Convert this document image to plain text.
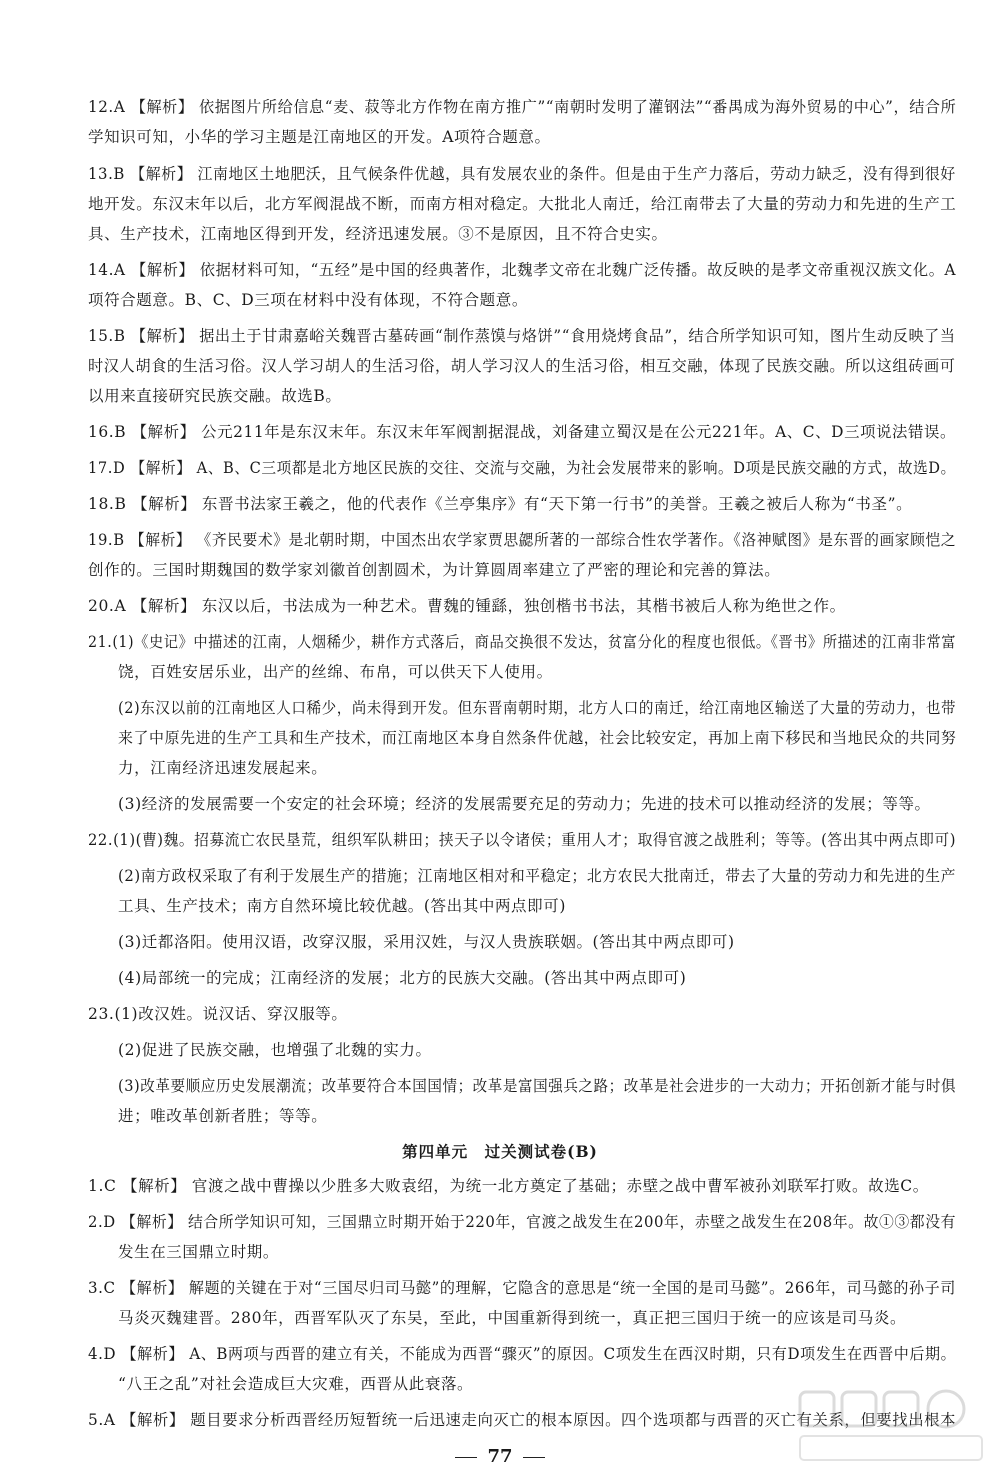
12.A 【解析】 依据图片所给信息“麦、菽等北方作物在南方推广”“南朝时发明了灌钢法”“番禺成为海外贸易的中心”，结合所
学知识可知，小华的学习主题是江南地区的开发。A项符合题意。
13.B 【解析】 江南地区土地肥沃，且气候条件优越，具有发展农业的条件。但是由于生产力落后，劳动力缺乏，没有得到很好
地开发。东汉末年以后，北方军阀混战不断，而南方相对稳定。大批北人南迁，给江南带去了大量的劳动力和先进的生产工
具、生产技术，江南地区得到开发，经济迅速发展。③不是原因，且不符合史实。
14.A 【解析】 依据材料可知，“五经”是中国的经典著作，北魏孝文帝在北魏广泛传播。故反映的是孝文帝重视汉族文化。A
项符合题意。B、C、D三项在材料中没有体现，不符合题意。
15.B 【解析】 据出土于甘肃嘉峪关魏晋古墓砖画“制作蒸馍与烙饼”“食用烧烤食品”，结合所学知识可知，图片生动反映了当
时汉人胡食的生活习俗。汉人学习胡人的生活习俗，胡人学习汉人的生活习俗，相互交融，体现了民族交融。所以这组砖画可
以用来直接研究民族交融。故选B。
16.B 【解析】 公元211年是东汉末年。东汉末年军阀割据混战，刘备建立蜀汉是在公元221年。A、C、D三项说法错误。
17.D 【解析】 A、B、C三项都是北方地区民族的交往、交流与交融，为社会发展带来的影响。D项是民族交融的方式，故选D。
18.B 【解析】 东晋书法家王羲之，他的代表作《兰亭集序》有“天下第一行书”的美誉。王羲之被后人称为“书圣”。
19.B 【解析】 《齐民要术》是北朝时期，中国杰出农学家贾思勰所著的一部综合性农学著作。《洛神赋图》是东晋的画家顾恺之
创作的。三国时期魏国的数学家刘徽首创割圆术，为计算圆周率建立了严密的理论和完善的算法。
20.A 【解析】 东汉以后，书法成为一种艺术。曹魏的锺繇，独创楷书书法，其楷书被后人称为绝世之作。
21.(1)《史记》中描述的江南，人烟稀少，耕作方式落后，商品交换很不发达，贫富分化的程度也很低。《晋书》所描述的江南非常富
饶，百姓安居乐业，出产的丝绵、布帛，可以供天下人使用。
(2)东汉以前的江南地区人口稀少，尚未得到开发。但东晋南朝时期，北方人口的南迁，给江南地区输送了大量的劳动力，也带
来了中原先进的生产工具和生产技术，而江南地区本身自然条件优越，社会比较安定，再加上南下移民和当地民众的共同努
力，江南经济迅速发展起来。
(3)经济的发展需要一个安定的社会环境；经济的发展需要充足的劳动力；先进的技术可以推动经济的发展；等等。
22.(1)(曹)魏。招募流亡农民垦荒，组织军队耕田；挟天子以令诸侯；重用人才；取得官渡之战胜利；等等。(答出其中两点即可)
(2)南方政权采取了有利于发展生产的措施；江南地区相对和平稳定；北方农民大批南迁，带去了大量的劳动力和先进的生产
工具、生产技术；南方自然环境比较优越。(答出其中两点即可)
(3)迁都洛阳。使用汉语，改穿汉服，采用汉姓，与汉人贵族联姻。(答出其中两点即可)
(4)局部统一的完成；江南经济的发展；北方的民族大交融。(答出其中两点即可)
23.(1)改汉姓。说汉话、穿汉服等。
(2)促进了民族交融，也增强了北魏的实力。
(3)改革要顺应历史发展潮流；改革要符合本国国情；改革是富国强兵之路；改革是社会进步的一大动力；开拓创新才能与时俱
进；唯改革创新者胜；等等。
第四单元　过关测试卷(B)
1.C 【解析】 官渡之战中曹操以少胜多大败袁绍，为统一北方奠定了基础；赤壁之战中曹军被孙刘联军打败。故选C。
2.D 【解析】 结合所学知识可知，三国鼎立时期开始于220年，官渡之战发生在200年，赤壁之战发生在208年。故①③都没有
发生在三国鼎立时期。
3.C 【解析】 解题的关键在于对“三国尽归司马懿”的理解，它隐含的意思是“统一全国的是司马懿”。266年，司马懿的孙子司
马炎灭魏建晋。280年，西晋军队灭了东吴，至此，中国重新得到统一，真正把三国归于统一的应该是司马炎。
4.D 【解析】 A、B两项与西晋的建立有关，不能成为西晋“骤灭”的原因。C项发生在西汉时期，只有D项发生在西晋中后期。
“八王之乱”对社会造成巨大灾难，西晋从此衰落。
5.A 【解析】 题目要求分析西晋经历短暂统一后迅速走向灭亡的根本原因。四个选项都与西晋的灭亡有关系，但要找出根本
77
